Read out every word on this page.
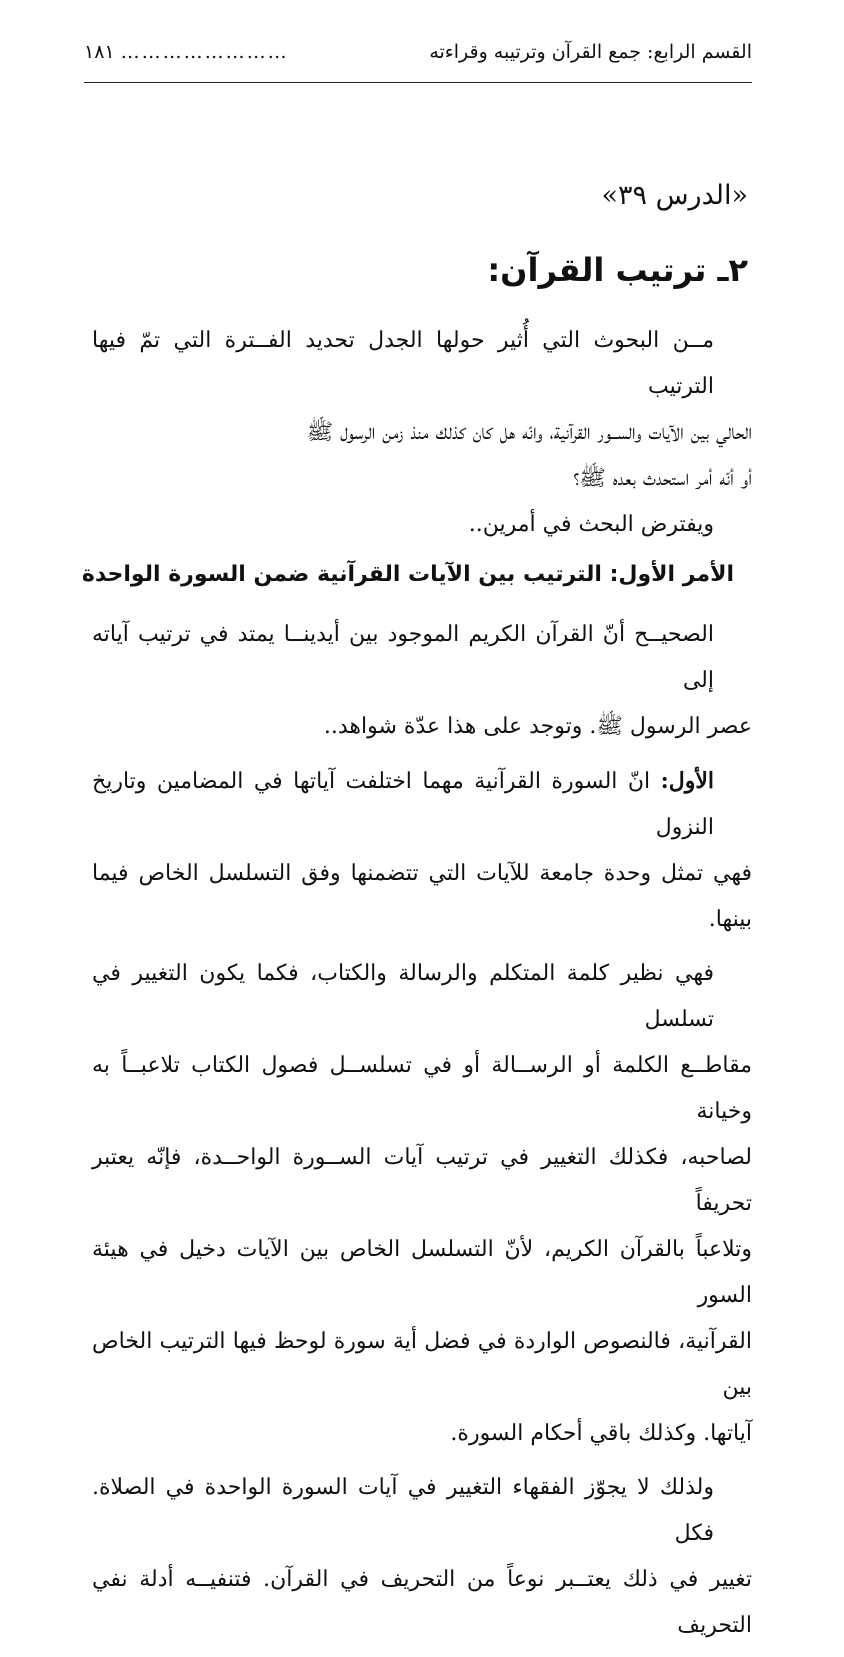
القسم الرابع: جمع القرآن وترتيبه وقراءته
١٨١ ……………………
«الدرس ٣٩»
٢ـ ترتيب القرآن:
مــن البحوث التي أُثير حولها الجدل تحديد الفــترة التي تمّ فيها الترتيب
الحالي بين الآيات والســور القرآنية، وانّه هل كان كذلك منذ زمن الرسول ﷺ
أو أنّه أمر استحدث بعده ﷺ؟
ويفترض البحث في أمرين..
الأمر الأول: الترتيب بين الآيات القرآنية ضمن السورة الواحدة

الصحيــح أنّ القرآن الكريم الموجود بين أيدينــا يمتد في ترتيب آياته إلى
عصر الرسول ﷺ. وتوجد على هذا عدّة شواهد..

الأول: انّ السورة القرآنية مهما اختلفت آياتها في المضامين وتاريخ النزول
فهي تمثل وحدة جامعة للآيات التي تتضمنها وفق التسلسل الخاص فيما بينها.

فهي نظير كلمة المتكلم والرسالة والكتاب، فكما يكون التغيير في تسلسل
مقاطــع الكلمة أو الرســالة أو في تسلســل فصول الكتاب تلاعبــاً به وخيانة
لصاحبه، فكذلك التغيير في ترتيب آيات الســورة الواحــدة، فإنّه يعتبر تحريفاً
وتلاعباً بالقرآن الكريم، لأنّ التسلسل الخاص بين الآيات دخيل في هيئة السور
القرآنية، فالنصوص الواردة في فضل أية سورة لوحظ فيها الترتيب الخاص بين
آياتها. وكذلك باقي أحكام السورة.

ولذلك لا يجوّز الفقهاء التغيير في آيات السورة الواحدة في الصلاة. فكل
تغيير في ذلك يعتــبر نوعاً من التحريف في القرآن. فتنفيــه أدلة نفي التحريف
